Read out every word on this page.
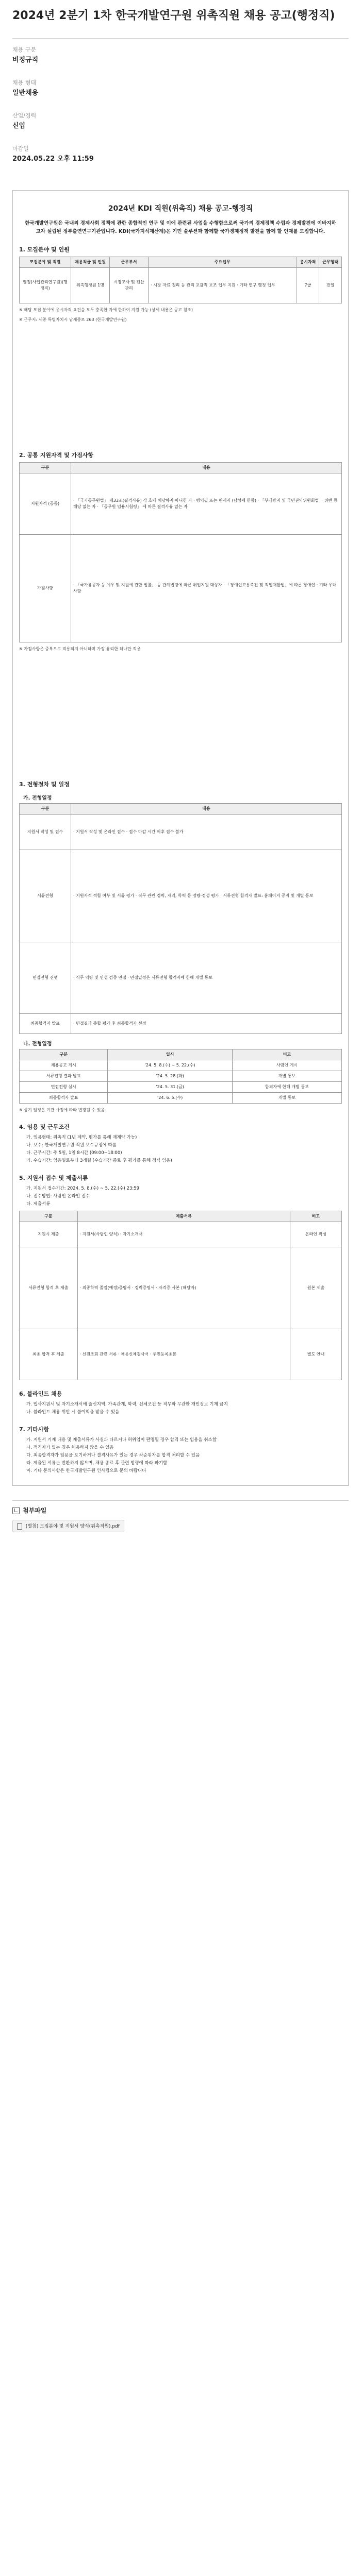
2024년 2분기 1차 한국개발연구원 위촉직원 채용 공고(행정직)
채용 구분
비정규직
채용 형태
일반채용
산업/경력
신입
마감일
2024.05.22 오후 11:59
2024년 KDI 직원(위촉직) 채용 공고-행정직
한국개발연구원은 국내외 경제사회 정책에 관한 종합적인 연구 및 이에 관련된 사업을 수행함으로써 국가의 경제정책 수립과 경제발전에 이바지하고자 설립된 정부출연연구기관입니다. KDI(국가지식재산계)은 기민 솔루션과 함께할 국가경제정책 발전을 함께 할 인재를 모집합니다.
1. 모집분야 및 인원
모집분야 및 직렬	채용직급 및 인원	근무부서	주요업무	응시자격	근무형태
행정(사업관리연구원)(행정직)	위촉행정원 1명	시장조사 및 전산관리	· 시장 자료 정리 등 관리 포괄적 보조 업무 지원 · 기타 연구 행정 업무	7급	전일
※ 해당 모집 분야에 응시자격 요건을 모두 충족한 자에 한하여 지원 가능 (상세 내용은 공고 참조)
※ 근무지: 세종 특별자치시 남세종로 263 (한국개발연구원)
2. 공통 지원자격 및 가점사항
구분	내용
지원자격 (공통)	· 「국가공무원법」 제33조(결격사유) 각 호에 해당하지 아니한 자 · 병역필 또는 면제자 (남성에 한함) · 「부패방지 및 국민권익위원회법」 위반 등 해당 없는 자 · 「공무원 임용시험령」 에 따른 결격사유 없는 자
가점사항	· 「국가유공자 등 예우 및 지원에 관한 법률」 등 관계법령에 따른 취업지원 대상자 · 「장애인고용촉진 및 직업재활법」에 따른 장애인 · 기타 우대 사항
※ 가점사항은 중복으로 적용되지 아니하며 가장 유리한 하나만 적용
3. 전형절차 및 일정
가. 전형일정
구분	내용
지원서 작성 및 접수	· 지원서 작성 및 온라인 접수 · 접수 마감 시간 이후 접수 불가
서류전형	· 지원자격 적합 여부 및 서류 평가 · 직무 관련 경력, 자격, 학력 등 정량·정성 평가 · 서류전형 합격자 발표: 홈페이지 공지 및 개별 통보
면접전형 진행	· 직무 역량 및 인성 검증 면접 · 면접일정은 서류전형 합격자에 한해 개별 통보
최종합격자 발표	· 면접결과 종합 평가 후 최종합격자 선정
나. 전형일정
구분	일시	비고
채용공고 게시	'24. 5. 8.(수) ~ 5. 22.(수)	사람인 게시
서류전형 결과 발표	'24. 5. 28.(화)	개별 통보
면접전형 실시	'24. 5. 31.(금)	합격자에 한해 개별 통보
최종합격자 발표	'24. 6. 5.(수)	개별 통보
※ 상기 일정은 기관 사정에 따라 변경될 수 있음
4. 임용 및 근무조건
가. 임용형태: 위촉직 (1년 계약, 평가를 통해 재계약 가능)
나. 보수: 한국개발연구원 직원 보수규정에 따름
다. 근무시간: 주 5일, 1일 8시간 (09:00~18:00)
라. 수습기간: 임용일로부터 3개월 (수습기간 종료 후 평가를 통해 정식 임용)
5. 지원서 접수 및 제출서류
가. 지원서 접수기간: 2024. 5. 8.(수) ~ 5. 22.(수) 23:59
나. 접수방법: 사람인 온라인 접수
다. 제출서류
구분	제출서류	비고
지원시 제출	· 지원서(사람인 양식) · 자기소개서	온라인 작성
서류전형 합격 후 제출	· 최종학력 졸업(예정)증명서 · 경력증명서 · 자격증 사본 (해당자)	원본 제출
최종 합격 후 제출	· 신원조회 관련 서류 · 채용신체검사서 · 주민등록초본	별도 안내
6. 블라인드 채용
가. 입사지원서 및 자기소개서에 출신지역, 가족관계, 학력, 신체조건 등 직무와 무관한 개인정보 기재 금지
나. 블라인드 채용 위반 시 불이익을 받을 수 있음
7. 기타사항
가. 지원서 기재 내용 및 제출서류가 사실과 다르거나 허위임이 판명될 경우 합격 또는 임용을 취소함
나. 적격자가 없는 경우 채용하지 않을 수 있음
다. 최종합격자가 임용을 포기하거나 결격사유가 있는 경우 차순위자를 합격 처리할 수 있음
라. 제출된 서류는 반환하지 않으며, 채용 종료 후 관련 법령에 따라 파기함
마. 기타 문의사항은 한국개발연구원 인사팀으로 문의 바랍니다
첨부파일
[별첨] 모집분야 및 지원서 양식(위촉직원).pdf
